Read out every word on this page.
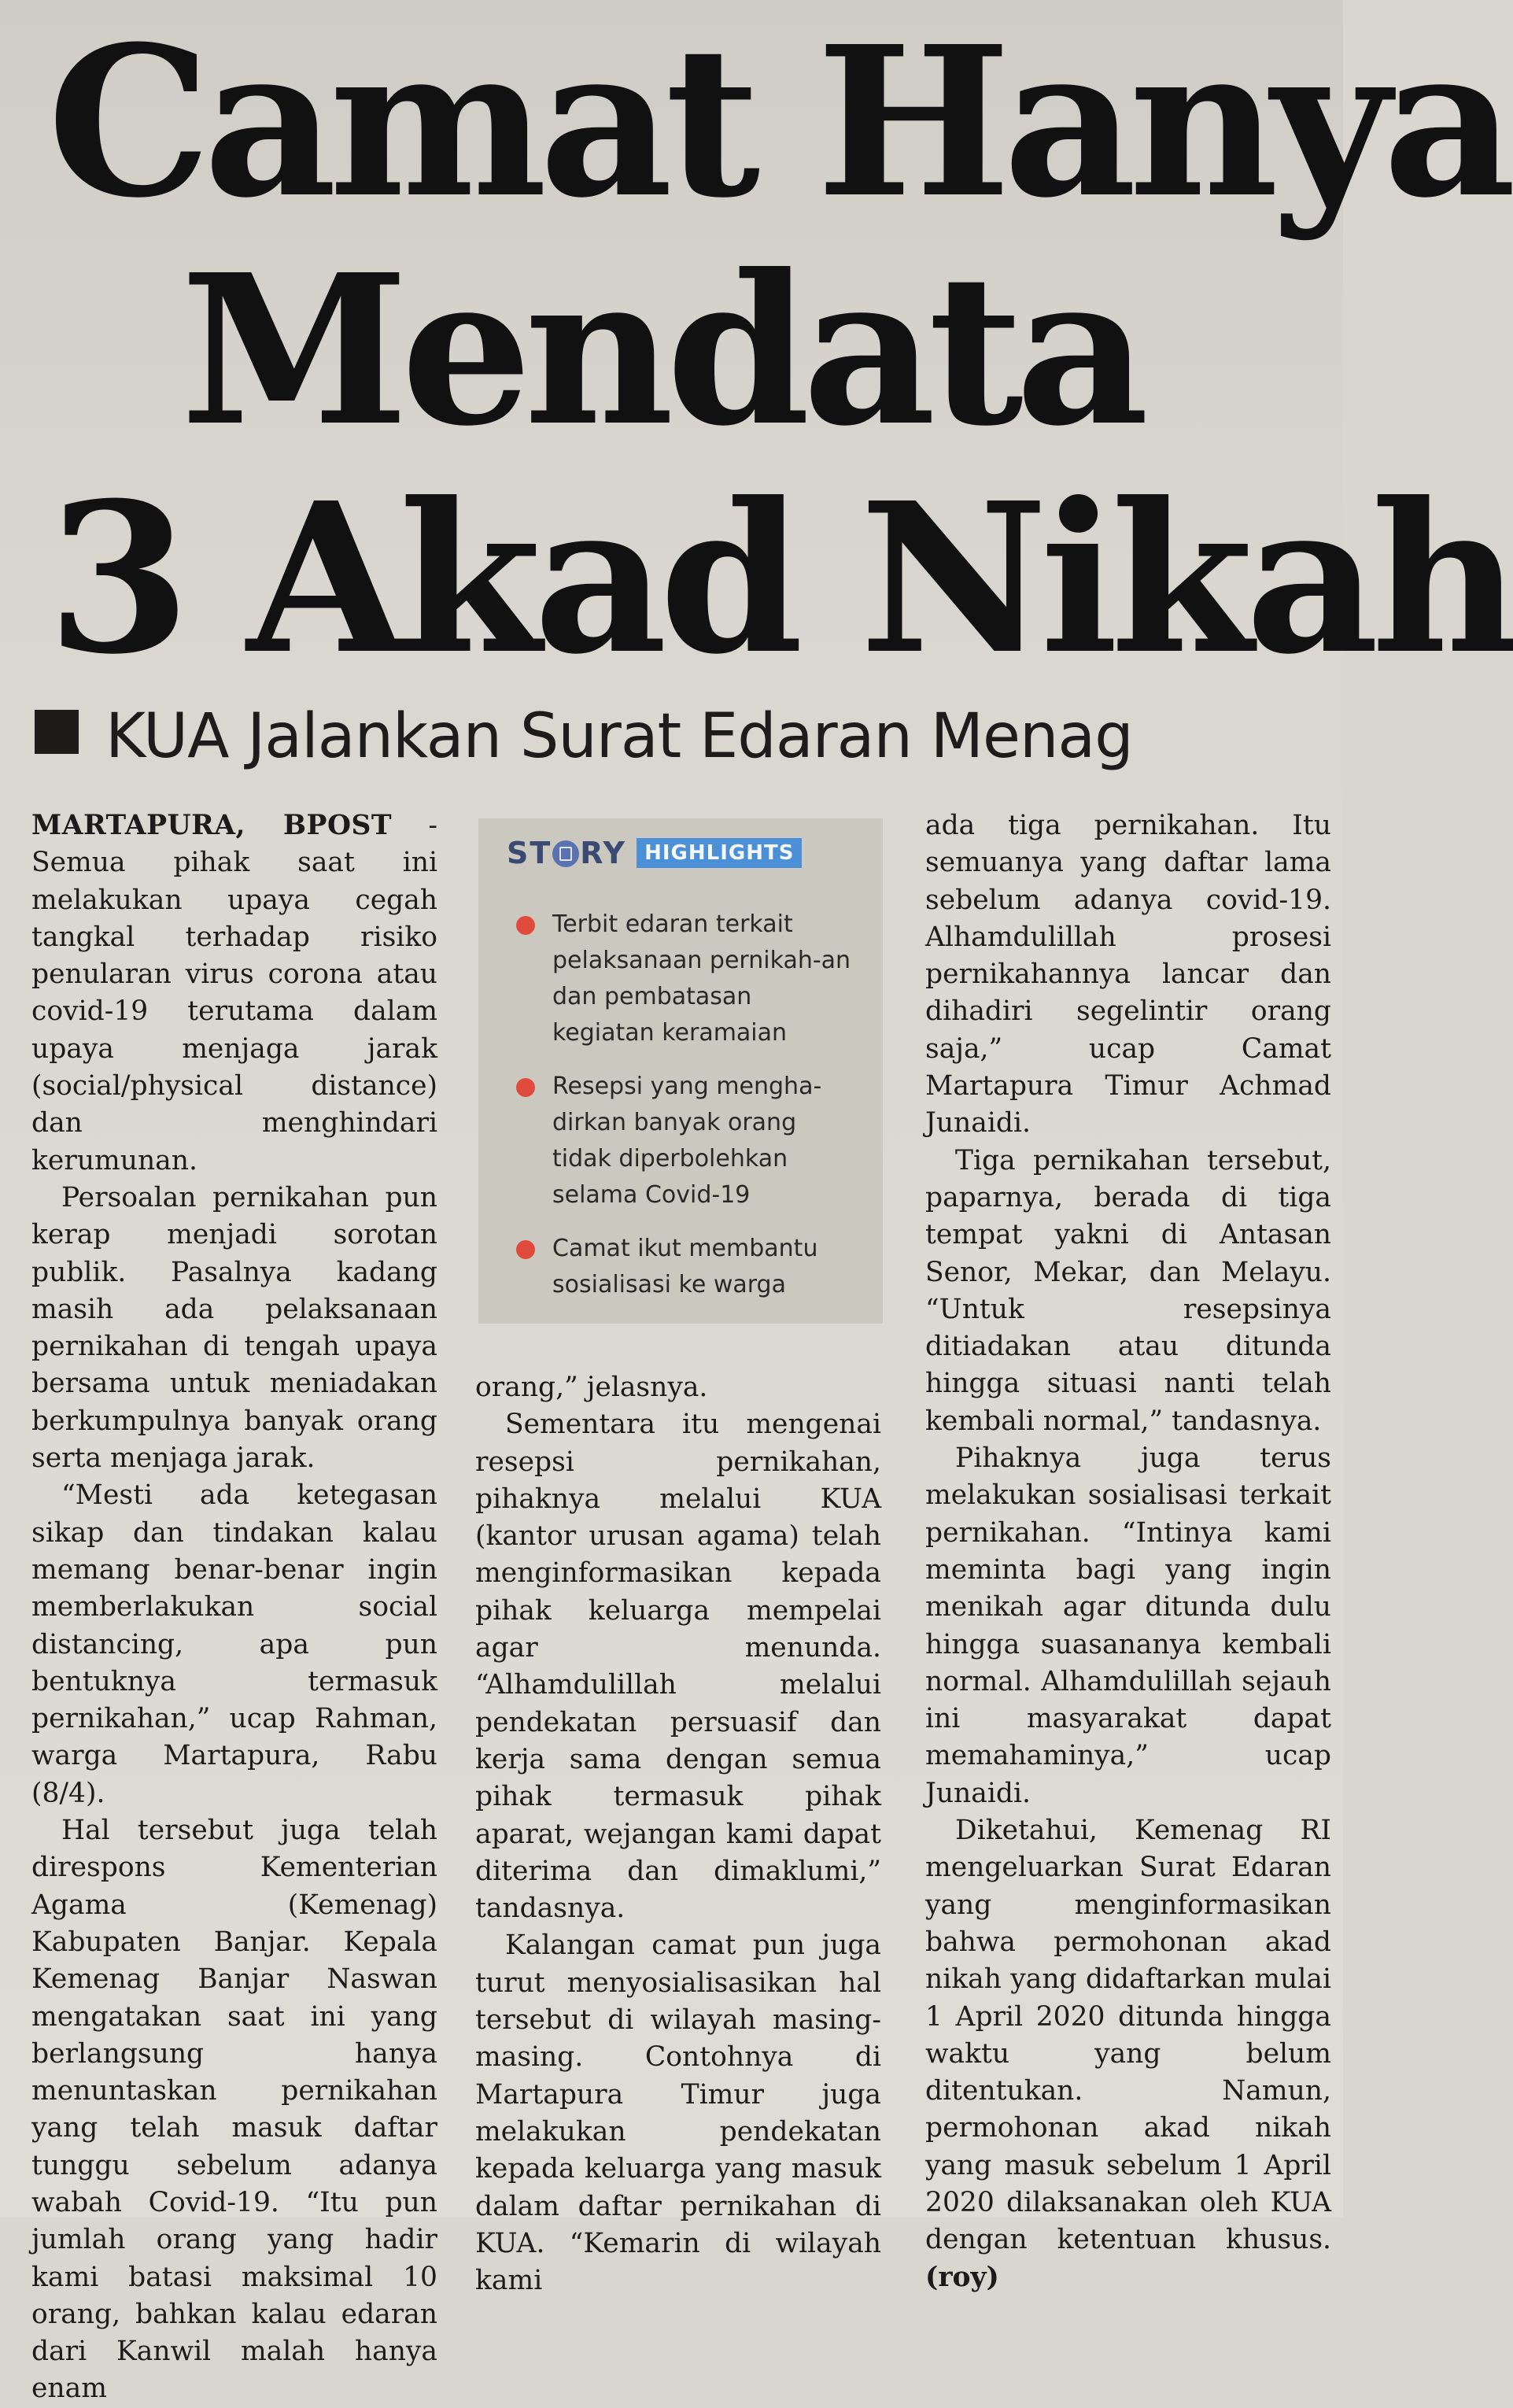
Camat Hanya
Mendata
3 Akad Nikah
KUA Jalankan Surat Edaran Menag

MARTAPURA, BPOST - Semua pihak saat ini melakukan upaya cegah tangkal terhadap risiko penularan virus corona atau covid-19 terutama dalam upaya menjaga jarak (social/physical distance) dan menghindari kerumunan.

Persoalan pernikahan pun kerap menjadi sorotan publik. Pasalnya kadang masih ada pelaksanaan pernikahan di tengah upaya bersama untuk meniadakan berkumpulnya banyak orang serta menjaga jarak.

“Mesti ada ketegasan sikap dan tindakan kalau memang benar-benar ingin memberlakukan social distancing, apa pun bentuknya termasuk pernikahan,” ucap Rahman, warga Martapura, Rabu (8/4).

Hal tersebut juga telah direspons Kementerian Agama (Kemenag) Kabupaten Banjar. Kepala Kemenag Banjar Naswan mengatakan saat ini yang berlangsung hanya menuntaskan pernikahan yang telah masuk daftar tunggu sebelum adanya wabah Covid-19. “Itu pun jumlah orang yang hadir kami batasi maksimal 10 orang, bahkan kalau edaran dari Kanwil malah hanya enam

ST RY HIGHLIGHTS
Terbit edaran terkait pelaksanaan pernikah-an dan pembatasan kegiatan keramaian
Resepsi yang mengha-dirkan banyak orang tidak diperbolehkan selama Covid-19
Camat ikut membantu sosialisasi ke warga

orang,” jelasnya.

Sementara itu mengenai resepsi pernikahan, pihaknya melalui KUA (kantor urusan agama) telah menginformasikan kepada pihak keluarga mempelai agar menunda. “Alhamdulillah melalui pendekatan persuasif dan kerja sama dengan semua pihak termasuk pihak aparat, wejangan kami dapat diterima dan dimaklumi,” tandasnya.

Kalangan camat pun juga turut menyosialisasikan hal tersebut di wilayah masing-masing. Contohnya di Martapura Timur juga melakukan pendekatan kepada keluarga yang masuk dalam daftar pernikahan di KUA. “Kemarin di wilayah kami

ada tiga pernikahan. Itu semuanya yang daftar lama sebelum adanya covid-19. Alhamdulillah prosesi pernikahannya lancar dan dihadiri segelintir orang saja,” ucap Camat Martapura Timur Achmad Junaidi.

Tiga pernikahan tersebut, paparnya, berada di tiga tempat yakni di Antasan Senor, Mekar, dan Melayu. “Untuk resepsinya ditiadakan atau ditunda hingga situasi nanti telah kembali normal,” tandasnya.

Pihaknya juga terus melakukan sosialisasi terkait pernikahan. “Intinya kami meminta bagi yang ingin menikah agar ditunda dulu hingga suasananya kembali normal. Alhamdulillah sejauh ini masyarakat dapat memahaminya,” ucap Junaidi.

Diketahui, Kemenag RI mengeluarkan Surat Edaran yang menginformasikan bahwa permohonan akad nikah yang didaftarkan mulai 1 April 2020 ditunda hingga waktu yang belum ditentukan. Namun, permohonan akad nikah yang masuk sebelum 1 April 2020 dilaksanakan oleh KUA dengan ketentuan khusus. (roy)
